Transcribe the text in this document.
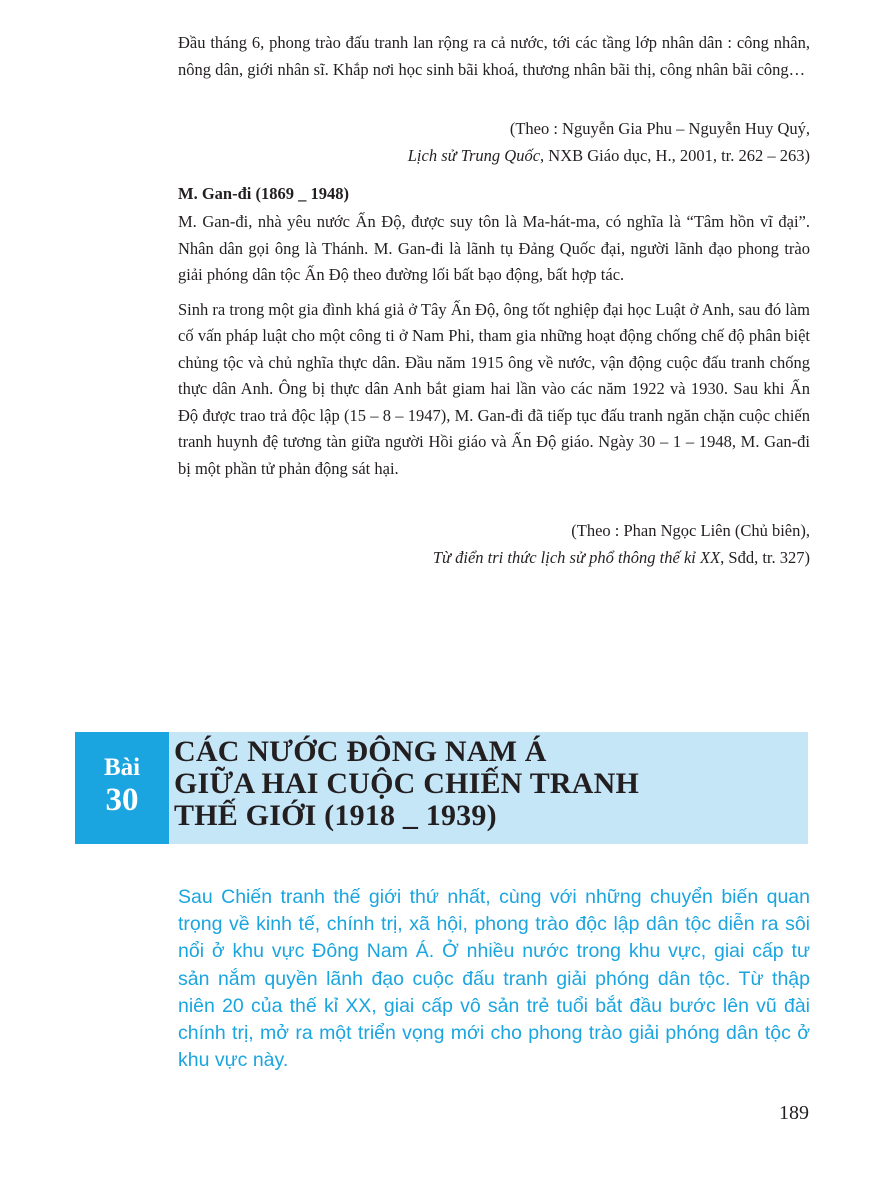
Đầu tháng 6, phong trào đấu tranh lan rộng ra cả nước, tới các tầng lớp nhân dân : công nhân, nông dân, giới nhân sĩ. Khắp nơi học sinh bãi khoá, thương nhân bãi thị, công nhân bãi công…

(Theo : Nguyễn Gia Phu – Nguyễn Huy Quý,

Lịch sử Trung Quốc, NXB Giáo dục, H., 2001, tr. 262 – 263)

M. Gan-đi (1869 _ 1948)

M. Gan-đi, nhà yêu nước Ấn Độ, được suy tôn là Ma-hát-ma, có nghĩa là “Tâm hồn vĩ đại”. Nhân dân gọi ông là Thánh. M. Gan-đi là lãnh tụ Đảng Quốc đại, người lãnh đạo phong trào giải phóng dân tộc Ấn Độ theo đường lối bất bạo động, bất hợp tác.

Sinh ra trong một gia đình khá giả ở Tây Ấn Độ, ông tốt nghiệp đại học Luật ở Anh, sau đó làm cố vấn pháp luật cho một công ti ở Nam Phi, tham gia những hoạt động chống chế độ phân biệt chủng tộc và chủ nghĩa thực dân. Đầu năm 1915 ông về nước, vận động cuộc đấu tranh chống thực dân Anh. Ông bị thực dân Anh bắt giam hai lần vào các năm 1922 và 1930. Sau khi Ấn Độ được trao trả độc lập (15 – 8 – 1947), M. Gan-đi đã tiếp tục đấu tranh ngăn chặn cuộc chiến tranh huynh đệ tương tàn giữa người Hồi giáo và Ấn Độ giáo. Ngày 30 – 1 – 1948, M. Gan-đi bị một phần tử phản động sát hại.

(Theo : Phan Ngọc Liên (Chủ biên),

Từ điển tri thức lịch sử phổ thông thế kỉ XX, Sđd, tr. 327)

Bài
30
CÁC NƯỚC ĐÔNG NAM Á
GIỮA HAI CUỘC CHIẾN TRANH
THẾ GIỚI (1918 _ 1939)

Sau Chiến tranh thế giới thứ nhất, cùng với những chuyển biến quan trọng về kinh tế, chính trị, xã hội, phong trào độc lập dân tộc diễn ra sôi nổi ở khu vực Đông Nam Á. Ở nhiều nước trong khu vực, giai cấp tư sản nắm quyền lãnh đạo cuộc đấu tranh giải phóng dân tộc. Từ thập niên 20 của thế kỉ XX, giai cấp vô sản trẻ tuổi bắt đầu bước lên vũ đài chính trị, mở ra một triển vọng mới cho phong trào giải phóng dân tộc ở khu vực này.

189
